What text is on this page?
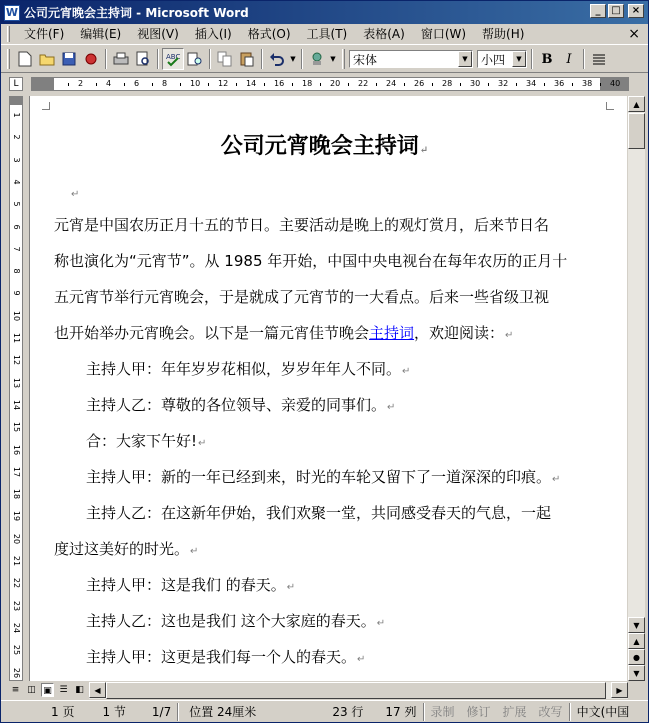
W 公司元宵晚会主持词 - Microsoft Word	_	□	×
文件(F)	编辑(E)	视图(V)	插入(I)	格式(O)	工具(T)	表格(A)	窗口(W)	帮助(H)	×
ABC	▼	▼ 宋体	▼	小四	▼	B	I
L	2	4	6	8	10 12 14 16 18 20 22 24 26 28 30 32 34 36 38 40
1
2
3
4
5
6
7
8
9
10
11
12
13
14
15
16
17
18
19
20
21
22
23
24
25
26
公司元宵晚会主持词↵
↵
元宵是中国农历正月十五的节日。主要活动是晚上的观灯赏月，后来节日名
称也演化为“元宵节”。从 1985 年开始，中国中央电视台在每年农历的正月十
五元宵节举行元宵晚会，于是就成了元宵节的一大看点。后来一些省级卫视
也开始举办元宵晚会。以下是一篇元宵佳节晚会主持词，欢迎阅读：↵
主持人甲：年年岁岁花相似，岁岁年年人不同。↵
主持人乙：尊敬的各位领导、亲爱的同事们。↵
合：大家下午好!↵
主持人甲：新的一年已经到来，时光的车轮又留下了一道深深的印痕。↵
主持人乙：在这新年伊始，我们欢聚一堂，共同感受春天的气息，一起
度过这美好的时光。↵
主持人甲：这是我们 的春天。↵
主持人乙：这也是我们 这个大家庭的春天。↵
主持人甲：这更是我们每一个人的春天。↵
▲
▼
▲
●
▼
≡ ◫ ▣ ☰ ◧	◀	▶
1 页	1 节	1/7	位置 24厘米	23 行	17 列	录制	修订	扩展	改写	中文(中国
